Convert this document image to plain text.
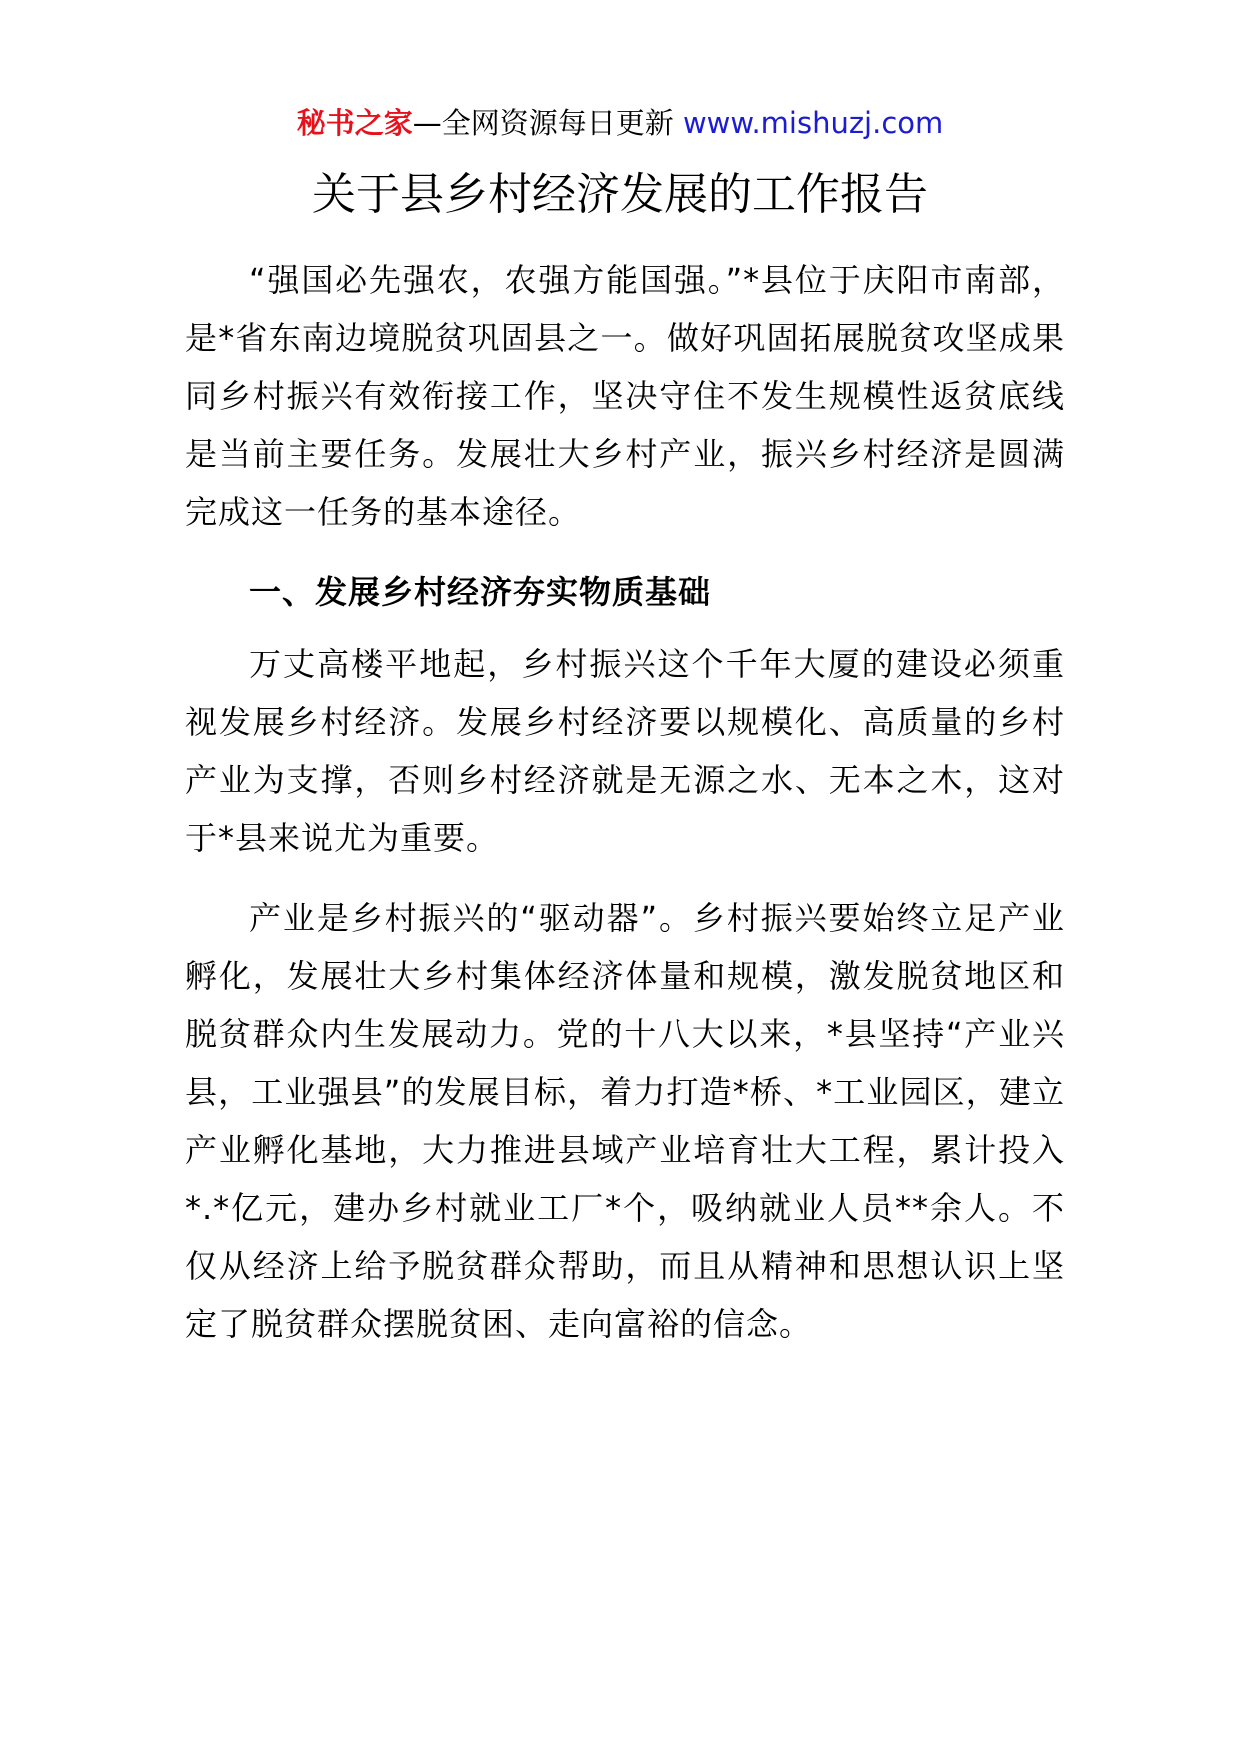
秘书之家—全网资源每日更新 www.mishuzj.com
关于县乡村经济发展的工作报告

“强国必先强农，农强方能国强。”*县位于庆阳市南部，是*省东南边境脱贫巩固县之一。做好巩固拓展脱贫攻坚成果同乡村振兴有效衔接工作，坚决守住不发生规模性返贫底线是当前主要任务。发展壮大乡村产业，振兴乡村经济是圆满完成这一任务的基本途径。

一、发展乡村经济夯实物质基础

万丈高楼平地起，乡村振兴这个千年大厦的建设必须重视发展乡村经济。发展乡村经济要以规模化、高质量的乡村产业为支撑，否则乡村经济就是无源之水、无本之木，这对于*县来说尤为重要。

产业是乡村振兴的“驱动器”。乡村振兴要始终立足产业孵化，发展壮大乡村集体经济体量和规模，激发脱贫地区和脱贫群众内生发展动力。党的十八大以来，*县坚持“产业兴县，工业强县”的发展目标，着力打造*桥、*工业园区，建立产业孵化基地，大力推进县域产业培育壮大工程，累计投入*.*亿元，建办乡村就业工厂*个，吸纳就业人员**余人。不仅从经济上给予脱贫群众帮助，而且从精神和思想认识上坚定了脱贫群众摆脱贫困、走向富裕的信念。
